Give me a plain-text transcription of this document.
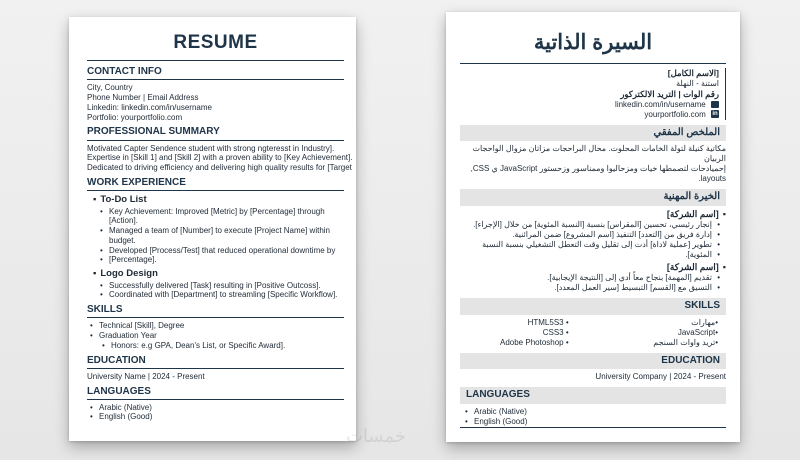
RESUME
CONTACT INFO
City, Country
Phone Number | Email Address
Linkedin: linkedin.com/in/username
Portfolio: yourportfolio.com
PROFESSIONAL SUMMARY
Motivated Capter Sendence student with strong ngteresst in Industry].
Expertise in [Skill 1] and [Skill 2] with a proven ability to [Key Achievement].
Dedicated to driving efficiency and delivering high quality results for [Target
WORK EXPERIENCE
▪ To-Do List
• Key Achievement: Improved [Metric] by [Percentage] through [Action].
• Managed a team of [Number] to execute [Project Name] within budget.
• Developed [Process/Test] that reduced operational downtime by
• [Percentage].
▪ Logo Design
• Successfully delivered [Task] resulting in [Positive Outcoss].
• Coordinated with [Department] to streamling [Specific Workflow].
SKILLS
• Technical [Skill], Degree
• Graduation Year
• Honors: e.g GPA, Dean's List, or Specific Award].
EDUCATION
University Name | 2024 - Present
LANGUAGES
• Arabic (Native)
• English (Good)
السيرة الذاتية
[الاسم الكامل]
استنة - النهلة
رقم الوات | التريد الالكتركور
linkedin.com/in/username
in yourportfolio.com
الملخص المفقي
مكاتية كنيلة لتولة الخامات المحلوت. محال البراحجات مزاتان مزوال الواحجات الربيان
إحميادحات لتصمطها خيات ومزحاليوا وممناسور وزحستور JavaScript ي CSS,
layouts.
الخيرة المهنية
▪ [اسم الشركة]
• إنجار رئيسي، تحسين [المقراس] بنسبة [النسبة المئوية] من خلال [الإجراء].
• إدارة فريق من [التعدد] التنفيذ [اسم المشروع] ضمن المرائنية.
• تطوير [عملية لاداة] أدت إلى تقليل وقت التعطل التشغيلي بنسبة النسبة
• المئوية].
▪ [اسم الشركة]
• تقديم [المهمة] بنجاح معاً أدي إلى [النتيجة الإيجابية].
• التسيق مع [القسم] التبسيط [سير العمل المعدد].
SKILLS
HTML5S3 •
CSS3 •
Adobe Photoshop •
• مهارات
• JavaScript
• تريد واوات السنجم
EDUCATION
University Company | 2024 - Present
LANGUAGES
• Arabic (Native)
• English (Good)
خمسات
